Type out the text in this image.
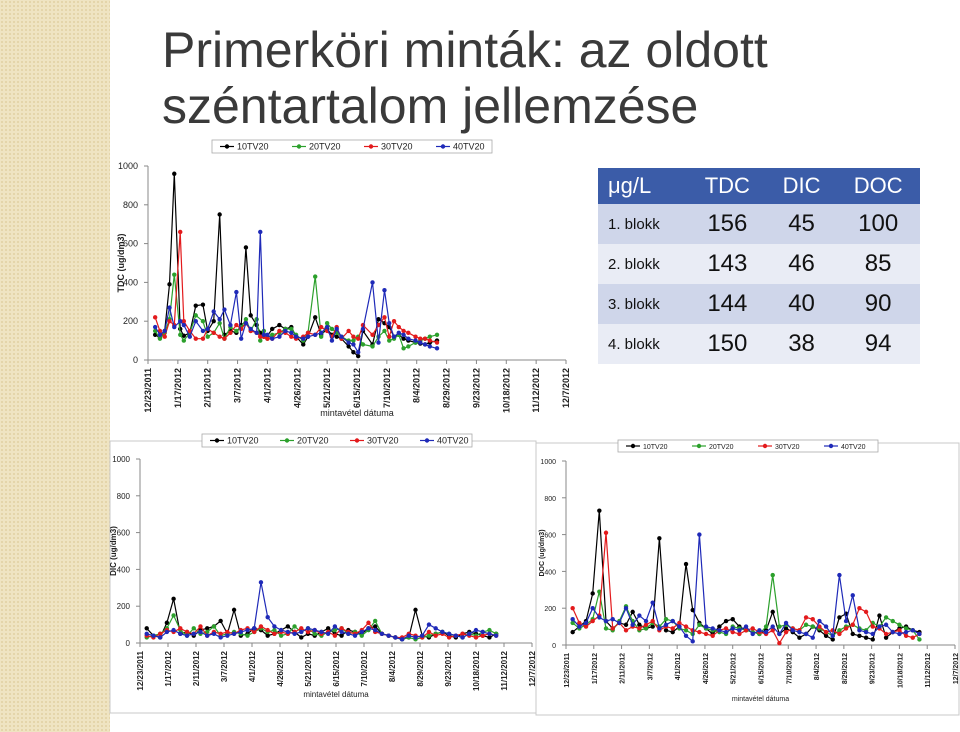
Primerköri minták: az oldott széntartalom jellemzése
μg/L	TDC	DIC	DOC
1. blokk	156	45	100
2. blokk	143	46	85
3. blokk	144	40	90
4. blokk	150	38	94
0
200
400
600
800
1000
12/23/2011 1/17/2012 2/11/2012 3/7/2012 4/1/2012 4/26/2012 5/21/2012 6/15/2012 7/10/2012 8/4/2012 8/29/2012 9/23/2012 10/18/2012 11/12/2012 12/7/2012
TDC (ug/dm3)
mintavétel dátuma
10TV20	20TV20	30TV20	40TV20
0
200
400
600
800
1000
12/23/2011 1/17/2012 2/11/2012 3/7/2012 4/1/2012 4/26/2012 5/21/2012 6/15/2012 7/10/2012 8/4/2012 8/29/2012 9/23/2012 10/18/2012 11/12/2012 12/7/2012
DIC (ug/dm3)
mintavétel dátuma
10TV20	20TV20	30TV20	40TV20
0
200
400
600
800
1000
12/23/2011	1/17/2012	2/11/2012	3/7/2012	4/1/2012	4/26/2012	5/21/2012	6/15/2012	7/10/2012	8/4/2012	8/29/2012	9/23/2012	10/18/2012	11/12/2012	12/7/2012
DOC (ug/dm3)
mintavétel dátuma
10TV20	20TV20	30TV20	40TV20
